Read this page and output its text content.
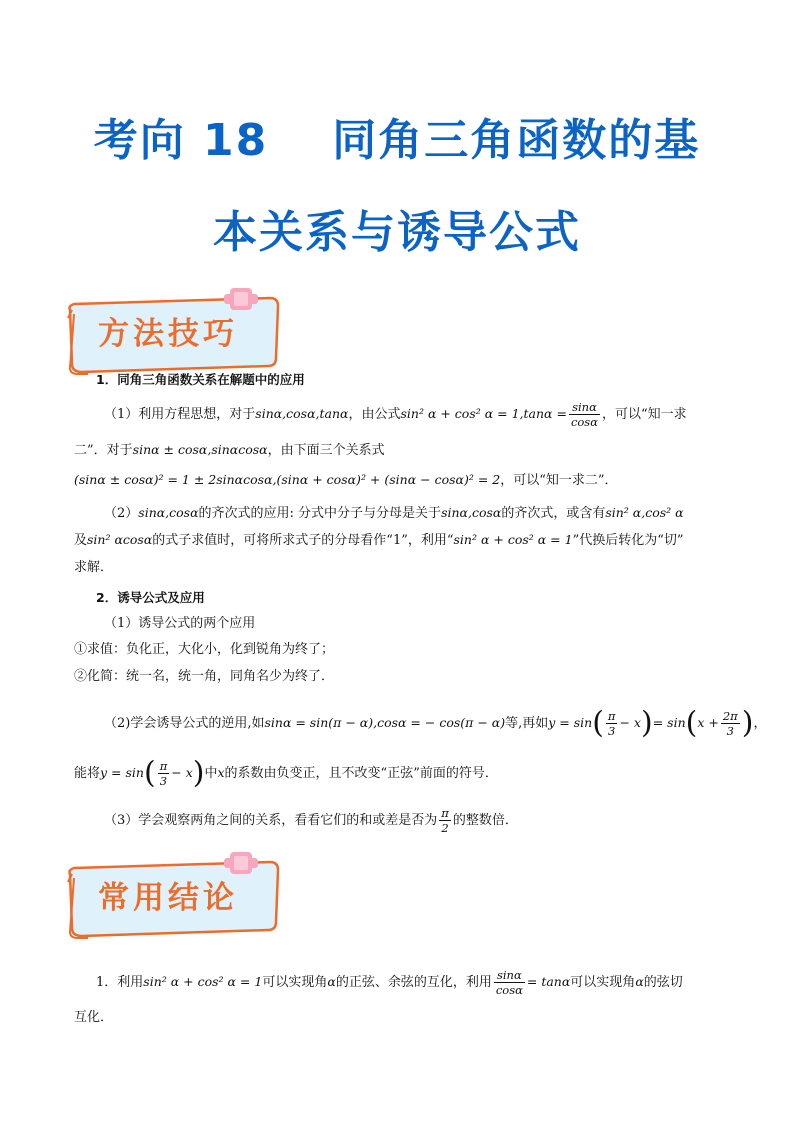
考向 18 同角三角函数的基
本关系与诱导公式
方法技巧
1．同角三角函数关系在解题中的应用
（1）利用方程思想，对于sinα,cosα,tanα，由公式sin² α + cos² $\alpha = 1,\tan\alpha = \frac{\sin\alpha}{\cos\alpha}$ ，可以“知一求
二”．对于sinα ± cosα,sinαcosα，由下面三个关系式
(sinα ± cosα)² = 1 ± 2sinαcosα,(sinα + cosα)² + (sinα − cosα)² = 2，可以“知一求二”．
（2）sinα,cosα的齐次式的应用: 分式中分子与分母是关于sinα,cosα的齐次式，或含有sin² α,cos² α
及sin² αcosα的式子求值时，可将所求式子的分母看作“1”，利用“sin² α + cos² α = 1”代换后转化为“切”
求解．
2．诱导公式及应用
（1）诱导公式的两个应用
①求值：负化正，大化小，化到锐角为终了；
②化简：统一名，统一角，同角名少为终了．
（2)学会诱导公式的逆用,如sinα = sin(π − α),cosα = − cos(π − α)等,再如$y = \sin( \frac{\pi}{3} - x)= \sin(x + \frac{2\pi}{3}$ )，
能将$y = \sin( \frac{\pi}{3} - x)$中x的系数由负变正，且不改变“正弦”前面的符号．
（3）学会观察两角之间的关系，看看它们的和或差是否为 $\frac{\pi}{2}$ 的整数倍．
常用结论
1．利用sin² α + cos² α = 1可以实现角α的正弦、余弦的互化，利用 $\frac{\sin\alpha}{\cos\alpha} = \tan\alpha$可以实现角α的弦切
互化．
